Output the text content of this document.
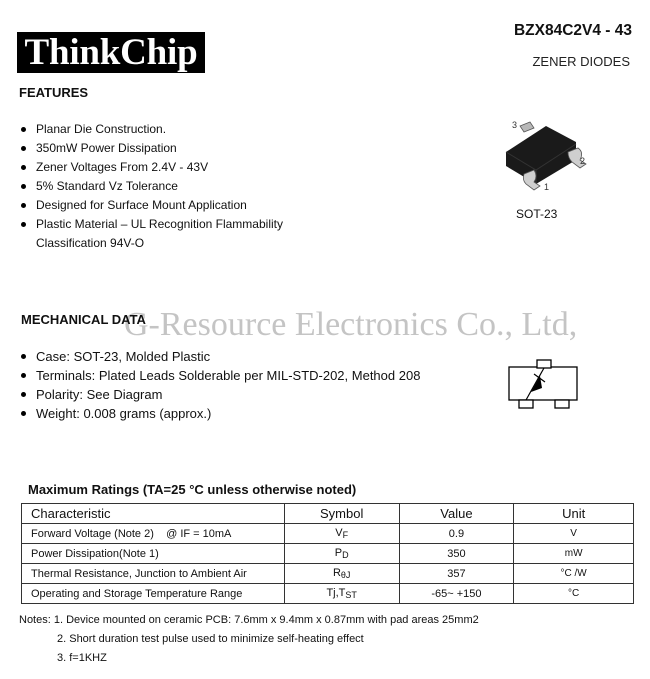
ThinkChip
BZX84C2V4 - 43
ZENER DIODES
FEATURES
Planar Die Construction.
350mW Power Dissipation
Zener Voltages From 2.4V - 43V
5% Standard Vz Tolerance
Designed for Surface Mount Application
Plastic Material – UL Recognition Flammability
Classification 94V-O
3
2
1
SOT-23
G-Resource Electronics Co., Ltd,
MECHANICAL DATA
Case: SOT-23, Molded Plastic
Terminals: Plated Leads Solderable per MIL-STD-202, Method 208
Polarity: See Diagram
Weight: 0.008 grams (approx.)
Maximum Ratings (TA=25 °C unless otherwise noted)
Characteristic	Symbol	Value	Unit
Forward Voltage (Note 2)    @ IF = 10mA	$V_F$	0.9	V
Power Dissipation(Note 1)	$P_D$	350	mW
Thermal Resistance, Junction to Ambient Air	$R_{\theta J}$	357	°C /W
Operating and Storage Temperature Range	$Tj,T_{ST}$	-65~ +150	°C
Notes: 1. Device mounted on ceramic PCB: 7.6mm x 9.4mm x 0.87mm with pad areas 25mm2
2. Short duration test pulse used to minimize self-heating effect
3. f=1KHZ
